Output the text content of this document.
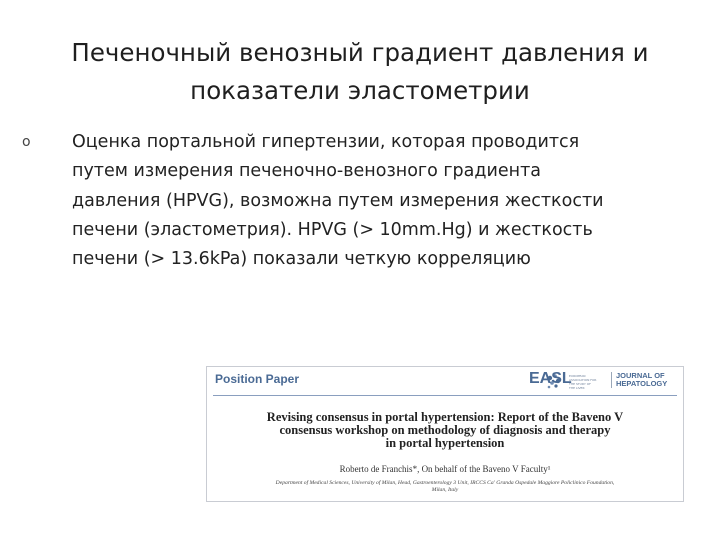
Печеночный венозный градиент давления и
показатели эластометрии
o Оценка портальной гипертензии, которая проводится
путем измерения печеночно-венозного градиента
давления (HPVG), возможна путем измерения жесткости
печени (эластометрия). HPVG (> 10mm.Hg) и жесткость
печени (> 13.6kPa) показали четкую корреляцию
Position Paper	EASL
EUROPEAN ASSOCIATION FOR THE STUDY OF THE LIVER
JOURNAL OF
HEPATOLOGY
Revising consensus in portal hypertension: Report of the Baveno V
consensus workshop on methodology of diagnosis and therapy
in portal hypertension
Roberto de Franchis*, On behalf of the Baveno V Faculty¹
Department of Medical Sciences, University of Milan, Head, Gastroenterology 3 Unit, IRCCS Ca' Granda Ospedale Maggiore Policlinico Foundation,
Milan, Italy
